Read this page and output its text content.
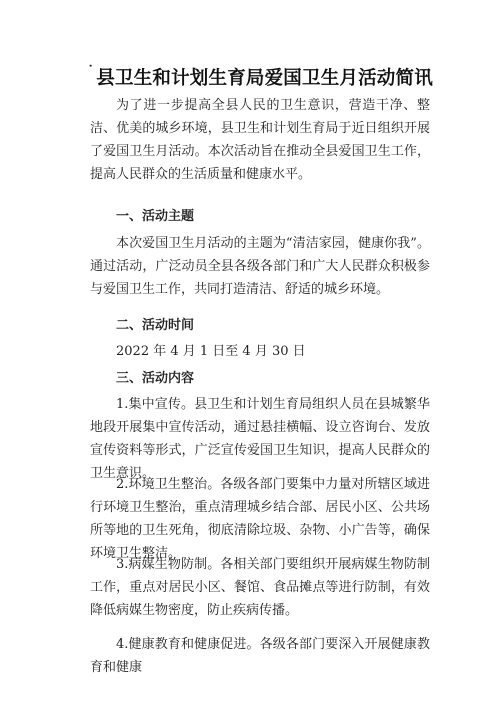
˙ 县卫生和计划生育局爱国卫生月活动简讯

为了进一步提高全县人民的卫生意识，营造干净、整洁、优美的城乡环境，县卫生和计划生育局于近日组织开展了爱国卫生月活动。本次活动旨在推动全县爱国卫生工作，提高人民群众的生活质量和健康水平。

一、活动主题

本次爱国卫生月活动的主题为“清洁家园，健康你我”。通过活动，广泛动员全县各级各部门和广大人民群众积极参与爱国卫生工作，共同打造清洁、舒适的城乡环境。

二、活动时间

2022 年 4 月 1 日至 4 月 30 日

三、活动内容

1.集中宣传。县卫生和计划生育局组织人员在县城繁华地段开展集中宣传活动，通过悬挂横幅、设立咨询台、发放宣传资料等形式，广泛宣传爱国卫生知识，提高人民群众的卫生意识。

2.环境卫生整治。各级各部门要集中力量对所辖区域进行环境卫生整治，重点清理城乡结合部、居民小区、公共场所等地的卫生死角，彻底清除垃圾、杂物、小广告等，确保环境卫生整洁。

3.病媒生物防制。各相关部门要组织开展病媒生物防制工作，重点对居民小区、餐馆、食品摊点等进行防制，有效降低病媒生物密度，防止疾病传播。

4.健康教育和健康促进。各级各部门要深入开展健康教育和健康
